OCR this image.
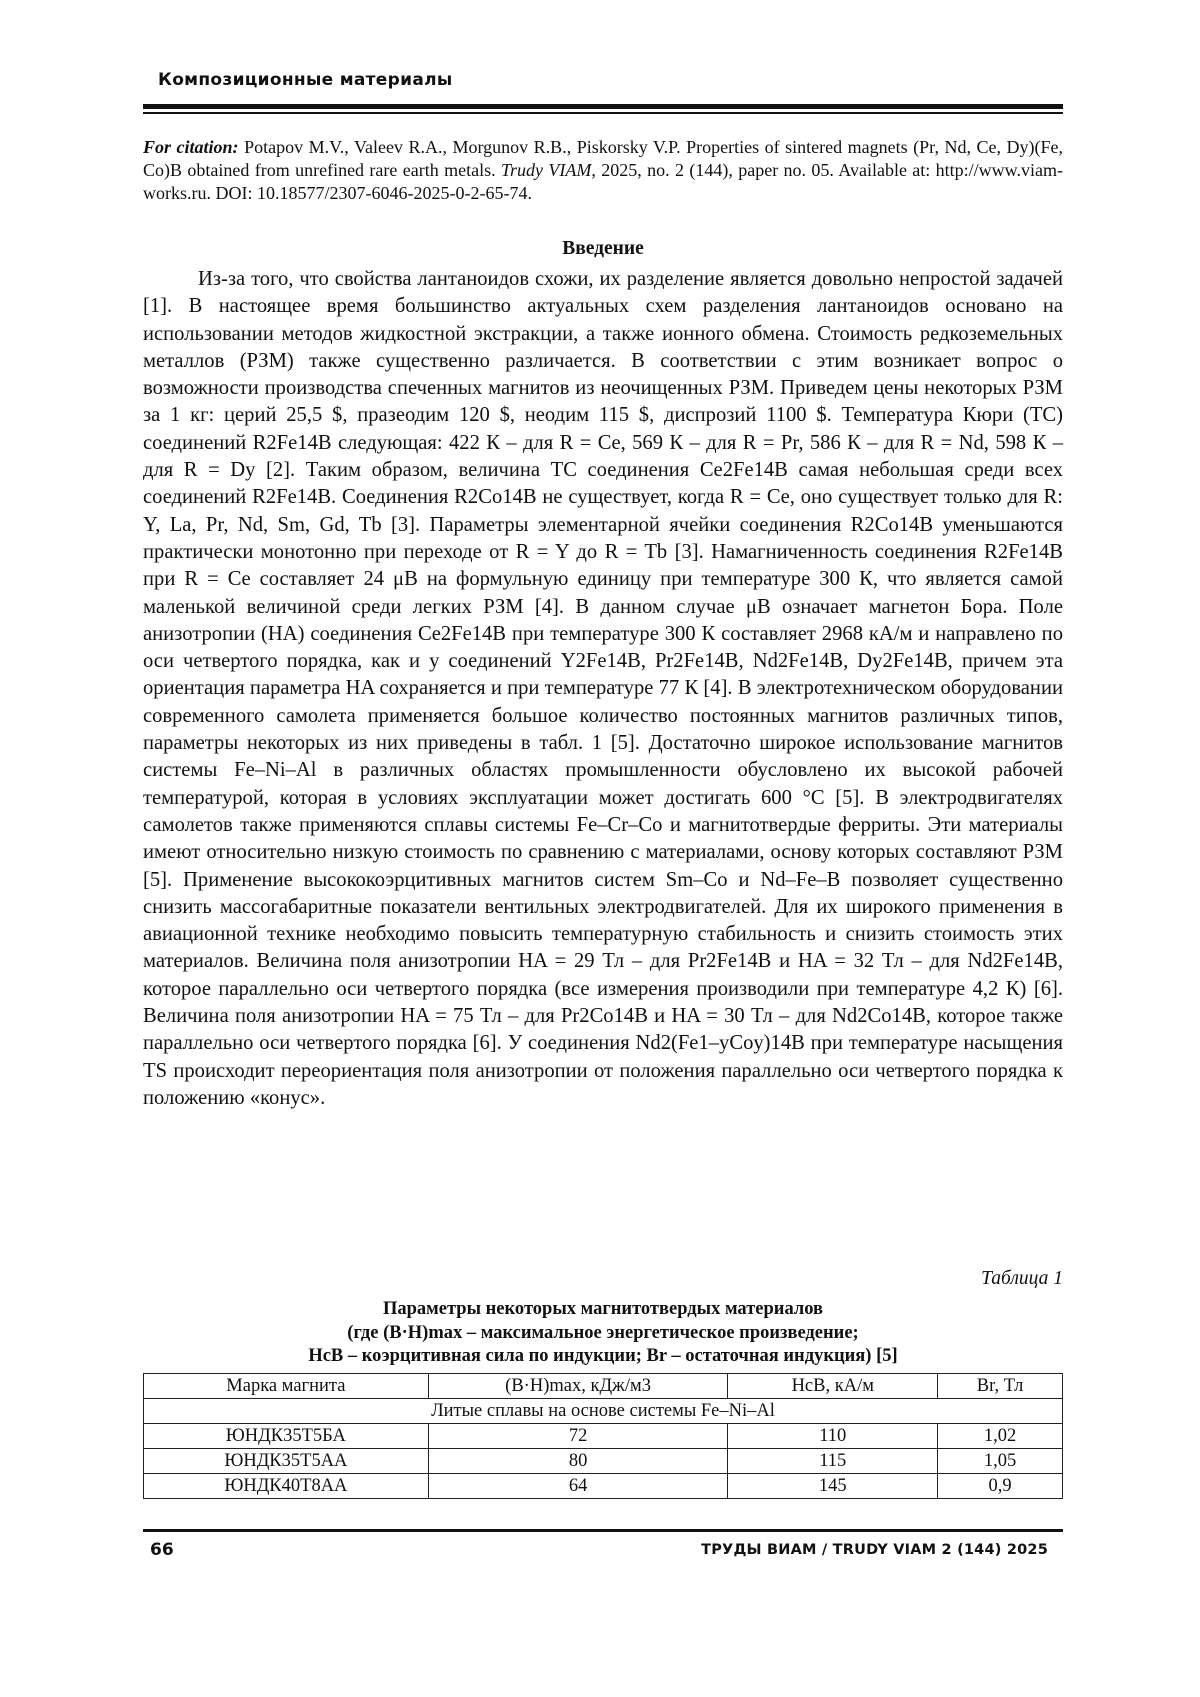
Композиционные материалы
For citation: Potapov M.V., Valeev R.A., Morgunov R.B., Piskorsky V.P. Properties of sintered magnets (Pr, Nd, Ce, Dy)(Fe, Co)B obtained from unrefined rare earth metals. Trudy VIAM, 2025, no. 2 (144), paper no. 05. Available at: http://www.viam-works.ru. DOI: 10.18577/2307-6046-2025-0-2-65-74.
Введение

Из-за того, что свойства лантаноидов схожи, их разделение является довольно непростой задачей [1]. В настоящее время большинство актуальных схем разделения лантаноидов основано на использовании методов жидкостной экстракции, а также ионного обмена. Стоимость редкоземельных металлов (РЗМ) также существенно различается. В соответствии с этим возникает вопрос о возможности производства спеченных магнитов из неочищенных РЗМ. Приведем цены некоторых РЗМ за 1 кг: церий 25,5 $, празеодим 120 $, неодим 115 $, диспрозий 1100 $. Температура Кюри (TC) соединений R2Fe14B следующая: 422 К – для R = Ce, 569 К – для R = Pr, 586 К – для R = Nd, 598 К – для R = Dy [2]. Таким образом, величина TC соединения Ce2Fe14B самая небольшая среди всех соединений R2Fe14B. Соединения R2Co14B не существует, когда R = Ce, оно существует только для R: Y, La, Pr, Nd, Sm, Gd, Tb [3]. Параметры элементарной ячейки соединения R2Co14B уменьшаются практически монотонно при переходе от R = Y до R = Tb [3]. Намагниченность соединения R2Fe14B при R = Ce составляет 24 μB на формульную единицу при температуре 300 К, что является самой маленькой величиной среди легких РЗМ [4]. В данном случае μB означает магнетон Бора. Поле анизотропии (HA) соединения Ce2Fe14B при температуре 300 К составляет 2968 кА/м и направлено по оси четвертого порядка, как и у соединений Y2Fe14B, Pr2Fe14B, Nd2Fe14B, Dy2Fe14B, причем эта ориентация параметра HA сохраняется и при температуре 77 К [4]. В электротехническом оборудовании современного самолета применяется большое количество постоянных магнитов различных типов, параметры некоторых из них приведены в табл. 1 [5]. Достаточно широкое использование магнитов системы Fe–Ni–Al в различных областях промышленности обусловлено их высокой рабочей температурой, которая в условиях эксплуатации может достигать 600 °С [5]. В электродвигателях самолетов также применяются сплавы системы Fe–Cr–Co и магнитотвердые ферриты. Эти материалы имеют относительно низкую стоимость по сравнению с материалами, основу которых составляют РЗМ [5]. Применение высококоэрцитивных магнитов систем Sm–Co и Nd–Fe–B позволяет существенно снизить массогабаритные показатели вентильных электродвигателей. Для их широкого применения в авиационной технике необходимо повысить температурную стабильность и снизить стоимость этих материалов. Величина поля анизотропии HA = 29 Тл – для Pr2Fe14B и HA = 32 Тл – для Nd2Fe14B, которое параллельно оси четвертого порядка (все измерения производили при температуре 4,2 К) [6]. Величина поля анизотропии HA = 75 Тл – для Pr2Co14B и HA = 30 Тл – для Nd2Co14B, которое также параллельно оси четвертого порядка [6]. У соединения Nd2(Fe1–yCoy)14B при температуре насыщения TS происходит переориентация поля анизотропии от положения параллельно оси четвертого порядка к положению «конус».

Таблица 1
Параметры некоторых магнитотвердых материалов
(где (B·H)max – максимальное энергетическое произведение;
HcB – коэрцитивная сила по индукции; Br – остаточная индукция) [5]
Марка магнита	(B·H)max, кДж/м3	HcB, кА/м	Br, Тл
Литые сплавы на основе системы Fe–Ni–Al			
ЮНДК35Т5БА	72	110	1,02
ЮНДК35Т5АА	80	115	1,05
ЮНДК40Т8АА	64	145	0,9
66	ТРУДЫ ВИАМ / TRUDY VIAM 2 (144) 2025
